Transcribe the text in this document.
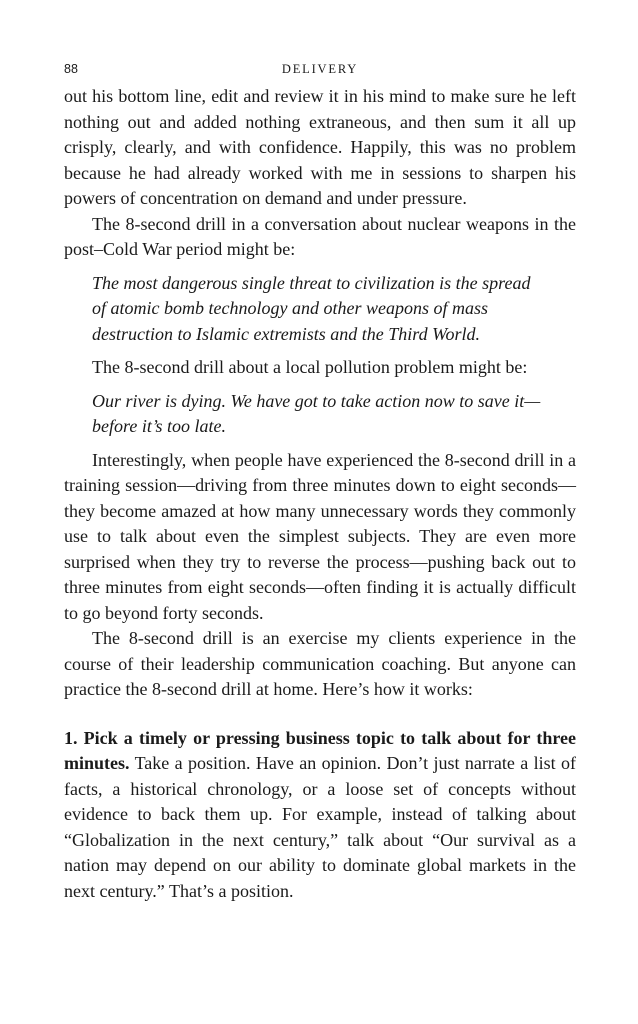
88	DELIVERY

out his bottom line, edit and review it in his mind to make sure he left nothing out and added nothing extraneous, and then sum it all up crisply, clearly, and with confidence. Happily, this was no problem because he had already worked with me in sessions to sharpen his powers of concentration on demand and under pressure.

The 8-second drill in a conversation about nuclear weapons in the post–Cold War period might be:

The most dangerous single threat to civilization is the spread of atomic bomb technology and other weapons of mass destruction to Islamic extremists and the Third World.

The 8-second drill about a local pollution problem might be:

Our river is dying. We have got to take action now to save it— before it’s too late.

Interestingly, when people have experienced the 8-second drill in a training session—driving from three minutes down to eight seconds—they become amazed at how many unnecessary words they commonly use to talk about even the simplest subjects. They are even more surprised when they try to reverse the process—pushing back out to three minutes from eight seconds—often finding it is actually difficult to go beyond forty seconds.

The 8-second drill is an exercise my clients experience in the course of their leadership communication coaching. But anyone can practice the 8-second drill at home. Here’s how it works:

1. Pick a timely or pressing business topic to talk about for three minutes. Take a position. Have an opinion. Don’t just narrate a list of facts, a historical chronology, or a loose set of concepts without evidence to back them up. For example, instead of talking about “Globalization in the next century,” talk about “Our survival as a nation may depend on our ability to dominate global markets in the next century.” That’s a position.
